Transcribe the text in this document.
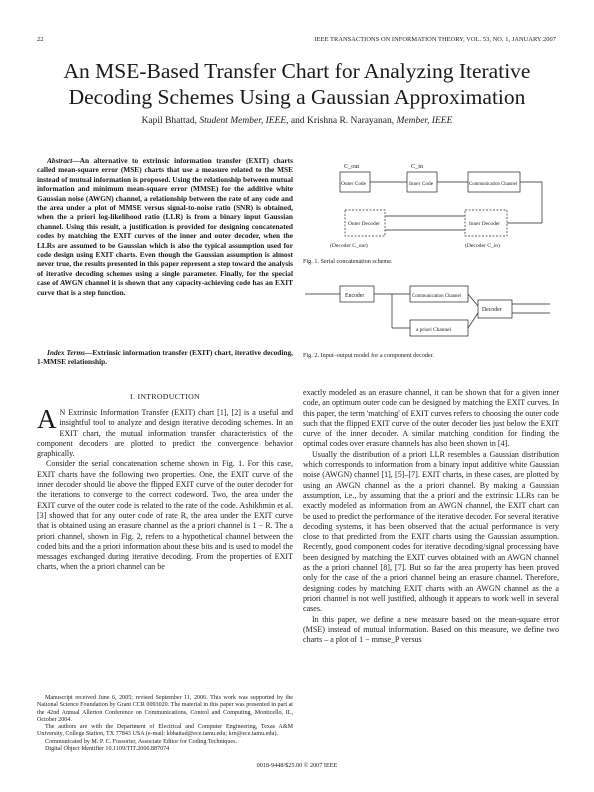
22	IEEE TRANSACTIONS ON INFORMATION THEORY, VOL. 53, NO. 1, JANUARY 2007
An MSE-Based Transfer Chart for Analyzing Iterative
Decoding Schemes Using a Gaussian Approximation
Kapil Bhattad, Student Member, IEEE, and Krishna R. Narayanan, Member, IEEE
Abstract—An alternative to extrinsic information transfer (EXIT) charts called mean-square error (MSE) charts that use a measure related to the MSE instead of mutual information is proposed. Using the relationship between mutual information and minimum mean-square error (MMSE) for the additive white Gaussian noise (AWGN) channel, a relationship between the rate of any code and the area under a plot of MMSE versus signal-to-noise ratio (SNR) is obtained, when the a priori log-likelihood ratio (LLR) is from a binary input Gaussian channel. Using this result, a justification is provided for designing concatenated codes by matching the EXIT curves of the inner and outer decoder, when the LLRs are assumed to be Gaussian which is also the typical assumption used for code design using EXIT charts. Even though the Gaussian assumption is almost never true, the results presented in this paper represent a step toward the analysis of iterative decoding schemes using a single parameter. Finally, for the special case of AWGN channel it is shown that any capacity-achieving code has an EXIT curve that is a step function.
Index Terms—Extrinsic information transfer (EXIT) chart, iterative decoding, 1-MMSE relationship.
I. INTRODUCTION

A N Extrinsic Information Transfer (EXIT) chart [1], [2] is a useful and insightful tool to analyze and design iterative decoding schemes. In an EXIT chart, the mutual information transfer characteristics of the component decoders are plotted to predict the convergence behavior graphically.

Consider the serial concatenation scheme shown in Fig. 1. For this case, EXIT charts have the following two properties. One, the EXIT curve of the inner decoder should lie above the flipped EXIT curve of the outer decoder for the iterations to converge to the correct codeword. Two, the area under the EXIT curve of the outer code is related to the rate of the code. Ashikhmin et al. [3] showed that for any outer code of rate R, the area under the EXIT curve that is obtained using an erasure channel as the a priori channel is 1 − R. The a priori channel, shown in Fig. 2, refers to a hypothetical channel between the coded bits and the a priori information about these bits and is used to model the messages exchanged during iterative decoding. From the properties of EXIT charts, when the a priori channel can be

exactly modeled as an erasure channel, it can be shown that for a given inner code, an optimum outer code can be designed by matching the EXIT curves. In this paper, the term 'matching' of EXIT curves refers to choosing the outer code such that the flipped EXIT curve of the outer decoder lies just below the EXIT curve of the inner decoder. A similar matching condition for finding the optimal codes over erasure channels has also been shown in [4].

Usually the distribution of a priori LLR resembles a Gaussian distribution which corresponds to information from a binary input additive white Gaussian noise (AWGN) channel [1], [5]–[7]. EXIT charts, in these cases, are plotted by using an AWGN channel as the a priori channel. By making a Gaussian assumption, i.e., by assuming that the a priori and the extrinsic LLRs can be exactly modeled as information from an AWGN channel, the EXIT chart can be used to predict the performance of the iterative decoder. For several iterative decoding systems, it has been observed that the actual performance is very close to that predicted from the EXIT charts using the Gaussian assumption. Recently, good component codes for iterative decoding/signal processing have been designed by matching the EXIT curves obtained with an AWGN channel as the a priori channel [8], [7]. But so far the area property has been proved only for the case of the a priori channel being an erasure channel. Therefore, designing codes by matching EXIT charts with an AWGN channel as the a priori channel is not well justified, although it appears to work well in several cases.

In this paper, we define a new measure based on the mean-square error (MSE) instead of mutual information. Based on this measure, we define two charts – a plot of 1 − mmse_P versus

Manuscript received June 6, 2005; revised September 11, 2006. This work was supported by the National Science Foundation by Grant CCR 0093020. The material in this paper was presented in part at the 42nd Annual Allerton Conference on Communications, Control and Computing, Monticello, IL, October 2004.

The authors are with the Department of Electrical and Computer Engineering, Texas A&M University, College Station, TX 77843 USA (e-mail: kbhattad@ece.tamu.edu; krn@ece.tamu.edu).

Communicated by M. P. C. Fossorier, Associate Editor for Coding Techniques.

Digital Object Identifier 10.1109/TIT.2006.887074

0018-9448/$25.00 © 2007 IEEE
C_out	C_in
Outer Code	Inner Code	Communication Channel
Outer Decoder	Inner Decoder
(Decoder C_out)	(Decoder C_in)
Fig. 1. Serial concatenation scheme.
Encoder	Communication Channel
Decoder
a priori Channel
Fig. 2. Input–output model for a component decoder.
